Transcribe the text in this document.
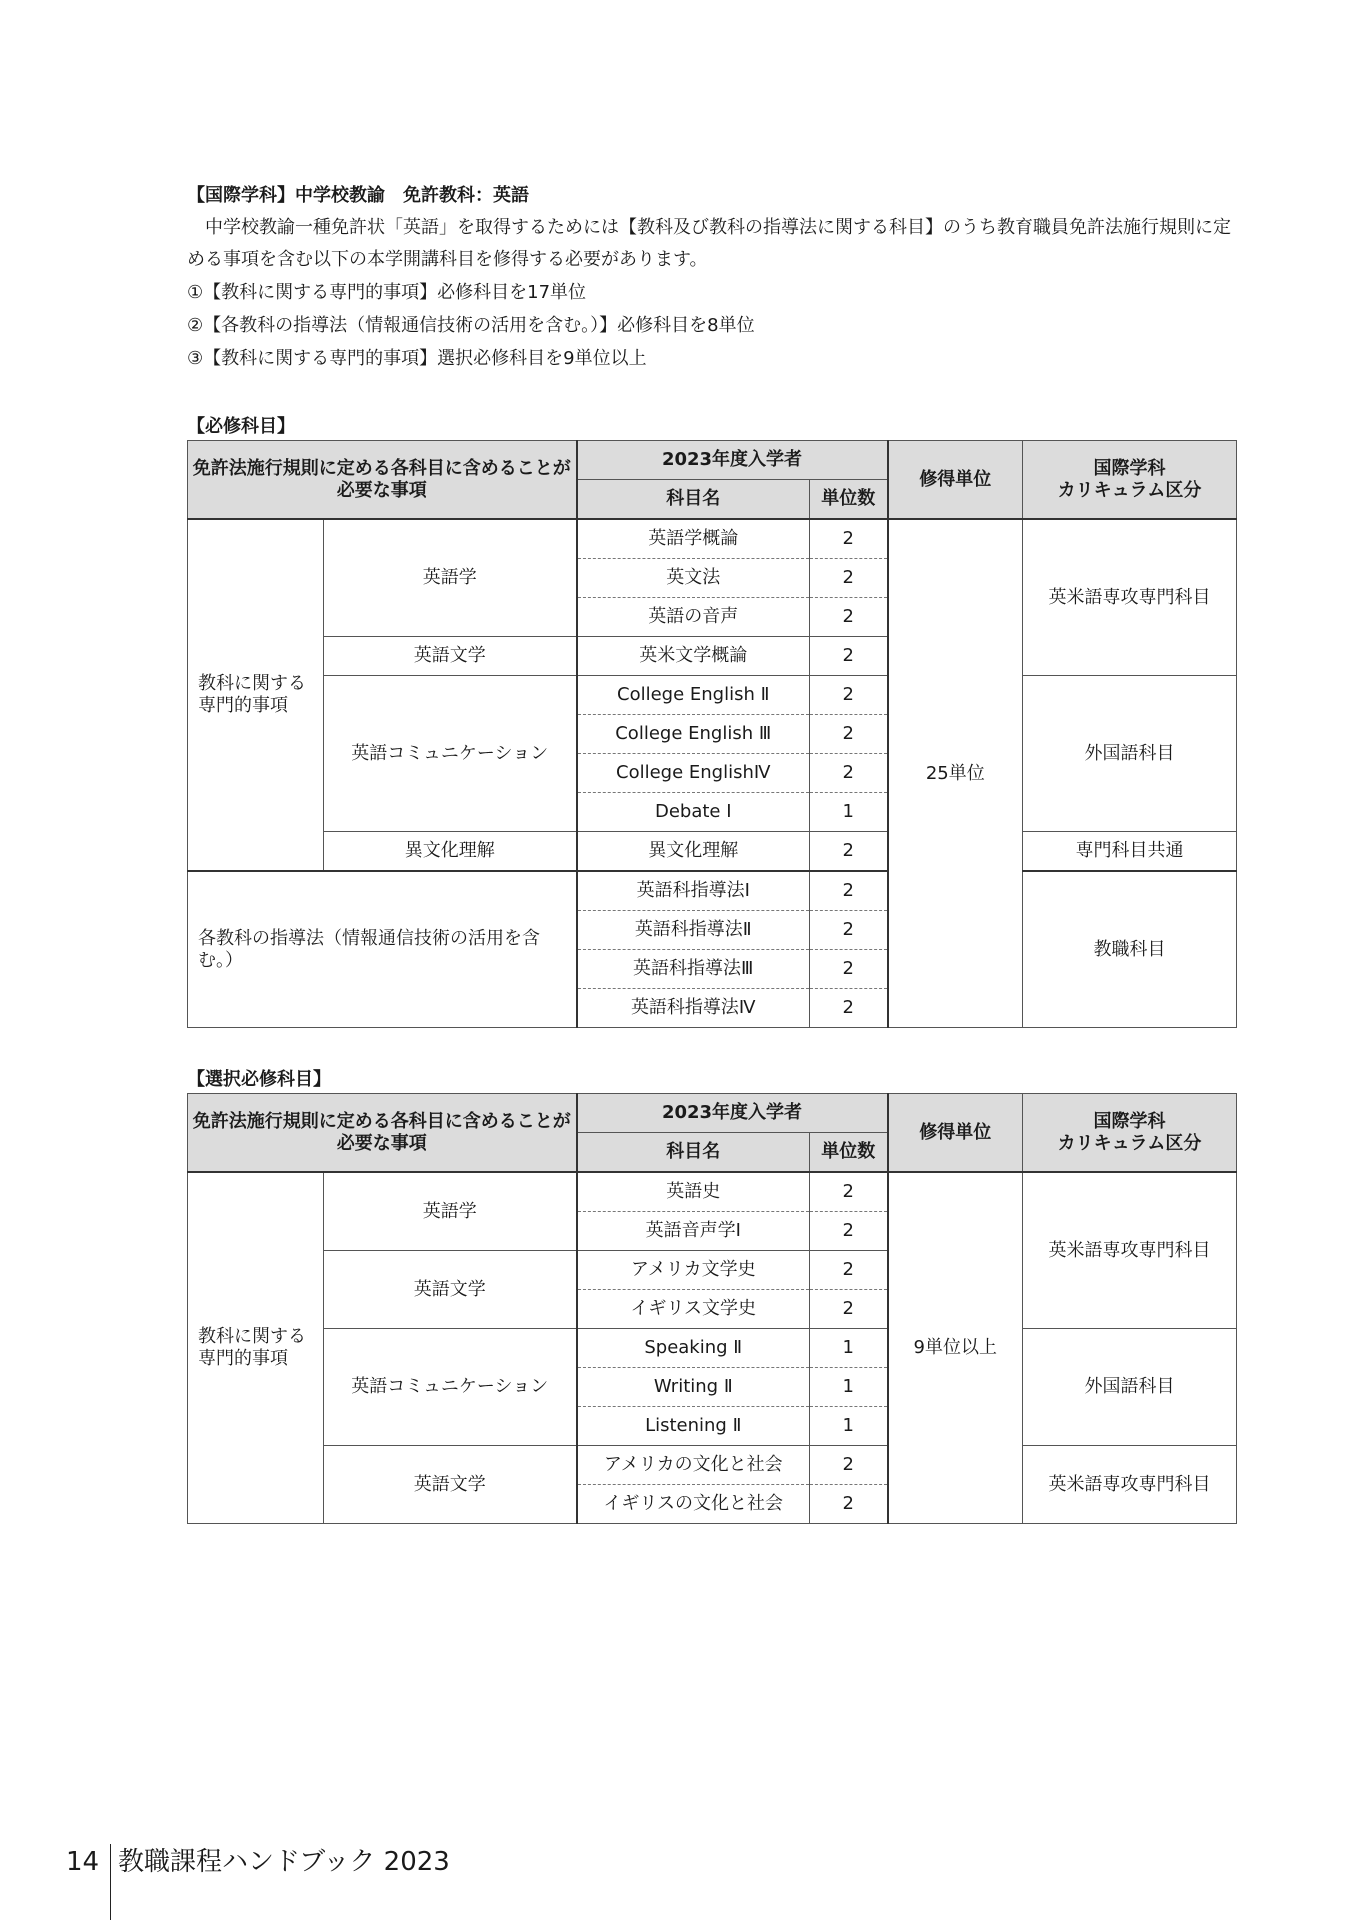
【国際学科】中学校教諭　免許教科：英語
中学校教諭一種免許状「英語」を取得するためには【教科及び教科の指導法に関する科目】のうち教育職員免許法施行規則に定める事項を含む以下の本学開講科目を修得する必要があります。
①【教科に関する専門的事項】必修科目を17単位
②【各教科の指導法（情報通信技術の活用を含む。）】必修科目を8単位
③【教科に関する専門的事項】選択必修科目を9単位以上
【必修科目】
免許法施行規則に定める各科目に含めることが必要な事項		2023年度入学者		修得単位	国際学科
カリキュラム区分
		科目名	単位数		
教科に関する専門的事項	英語学	英語学概論	2	25単位	英米語専攻専門科目
		英文法	2		
		英語の音声	2		
	英語文学	英米文学概論	2		
	英語コミュニケーション	College English Ⅱ	2		外国語科目
		College English Ⅲ	2		
		College EnglishⅣ	2		
		Debate Ⅰ	1		
	異文化理解	異文化理解	2		専門科目共通
各教科の指導法（情報通信技術の活用を含む。）		英語科指導法Ⅰ	2		教職科目
		英語科指導法Ⅱ	2		
		英語科指導法Ⅲ	2		
		英語科指導法Ⅳ	2		
【選択必修科目】
免許法施行規則に定める各科目に含めることが必要な事項		2023年度入学者		修得単位	国際学科
カリキュラム区分
		科目名	単位数		
教科に関する専門的事項	英語学	英語史	2	9単位以上	英米語専攻専門科目
		英語音声学Ⅰ	2		
	英語文学	アメリカ文学史	2		
		イギリス文学史	2		
	英語コミュニケーション	Speaking Ⅱ	1		外国語科目
		Writing Ⅱ	1		
		Listening Ⅱ	1		
	英語文学	アメリカの文化と社会	2		英米語専攻専門科目
		イギリスの文化と社会	2		
14 教職課程ハンドブック 2023
